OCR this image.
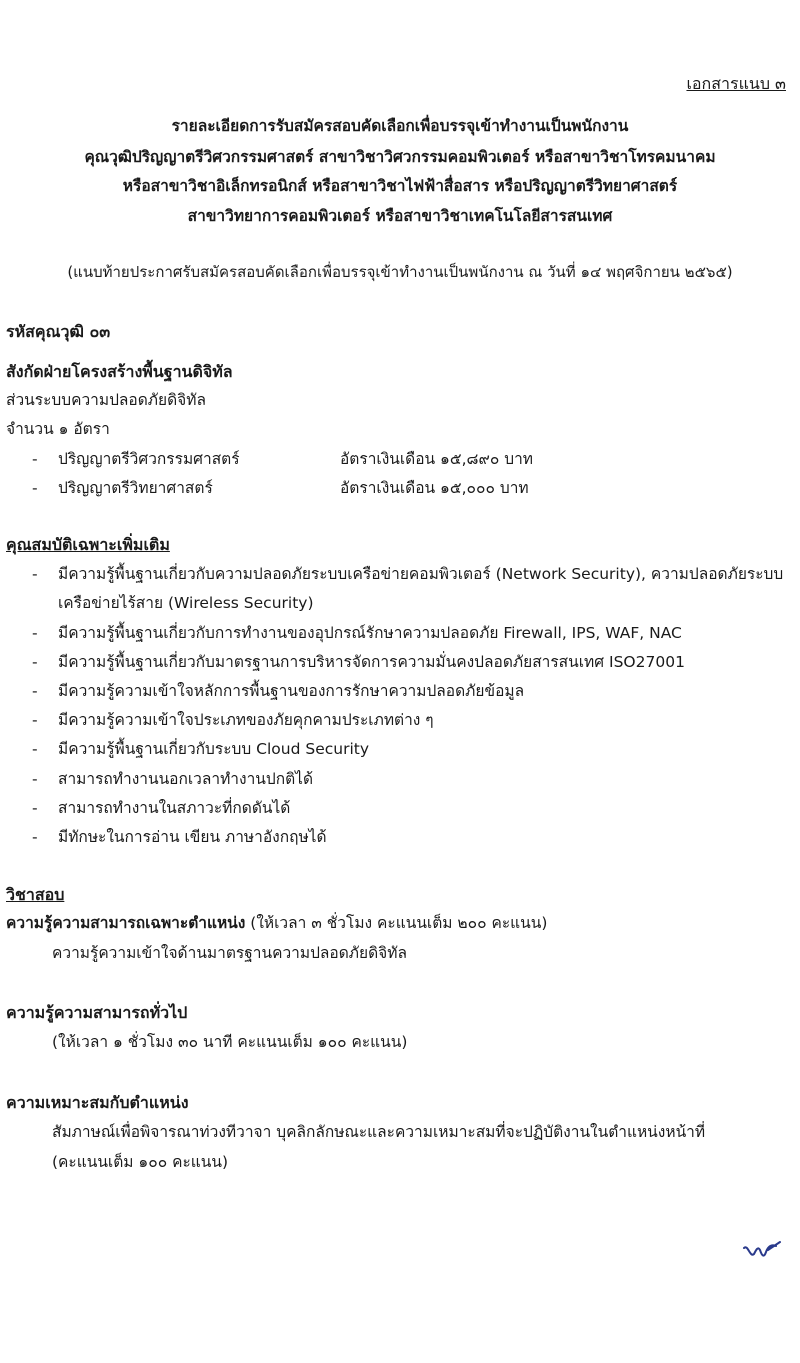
เอกสารแนบ ๓
รายละเอียดการรับสมัครสอบคัดเลือกเพื่อบรรจุเข้าทำงานเป็นพนักงาน
คุณวุฒิปริญญาตรีวิศวกรรมศาสตร์ สาขาวิชาวิศวกรรมคอมพิวเตอร์ หรือสาขาวิชาโทรคมนาคม
หรือสาขาวิชาอิเล็กทรอนิกส์ หรือสาขาวิชาไฟฟ้าสื่อสาร หรือปริญญาตรีวิทยาศาสตร์
สาขาวิทยาการคอมพิวเตอร์ หรือสาขาวิชาเทคโนโลยีสารสนเทศ
(แนบท้ายประกาศรับสมัครสอบคัดเลือกเพื่อบรรจุเข้าทำงานเป็นพนักงาน ณ วันที่ ๑๔ พฤศจิกายน ๒๕๖๕)
รหัสคุณวุฒิ ๐๓
สังกัดฝ่ายโครงสร้างพื้นฐานดิจิทัล
ส่วนระบบความปลอดภัยดิจิทัล
จำนวน ๑ อัตรา
- ปริญญาตรีวิศวกรรมศาสตร์	อัตราเงินเดือน ๑๕,๘๙๐ บาท
- ปริญญาตรีวิทยาศาสตร์	อัตราเงินเดือน ๑๕,๐๐๐ บาท
คุณสมบัติเฉพาะเพิ่มเติม
- มีความรู้พื้นฐานเกี่ยวกับความปลอดภัยระบบเครือข่ายคอมพิวเตอร์ (Network Security), ความปลอดภัยระบบ
เครือข่ายไร้สาย (Wireless Security)
- มีความรู้พื้นฐานเกี่ยวกับการทำงานของอุปกรณ์รักษาความปลอดภัย Firewall, IPS, WAF, NAC
- มีความรู้พื้นฐานเกี่ยวกับมาตรฐานการบริหารจัดการความมั่นคงปลอดภัยสารสนเทศ ISO27001
- มีความรู้ความเข้าใจหลักการพื้นฐานของการรักษาความปลอดภัยข้อมูล
- มีความรู้ความเข้าใจประเภทของภัยคุกคามประเภทต่าง ๆ
- มีความรู้พื้นฐานเกี่ยวกับระบบ Cloud Security
- สามารถทำงานนอกเวลาทำงานปกติได้
- สามารถทำงานในสภาวะที่กดดันได้
- มีทักษะในการอ่าน เขียน ภาษาอังกฤษได้
วิชาสอบ
ความรู้ความสามารถเฉพาะตำแหน่ง (ให้เวลา ๓ ชั่วโมง คะแนนเต็ม ๒๐๐ คะแนน)
ความรู้ความเข้าใจด้านมาตรฐานความปลอดภัยดิจิทัล
ความรู้ความสามารถทั่วไป
(ให้เวลา ๑ ชั่วโมง ๓๐ นาที คะแนนเต็ม ๑๐๐ คะแนน)
ความเหมาะสมกับตำแหน่ง
สัมภาษณ์เพื่อพิจารณาท่วงทีวาจา บุคลิกลักษณะและความเหมาะสมที่จะปฏิบัติงานในตำแหน่งหน้าที่
(คะแนนเต็ม ๑๐๐ คะแนน)
